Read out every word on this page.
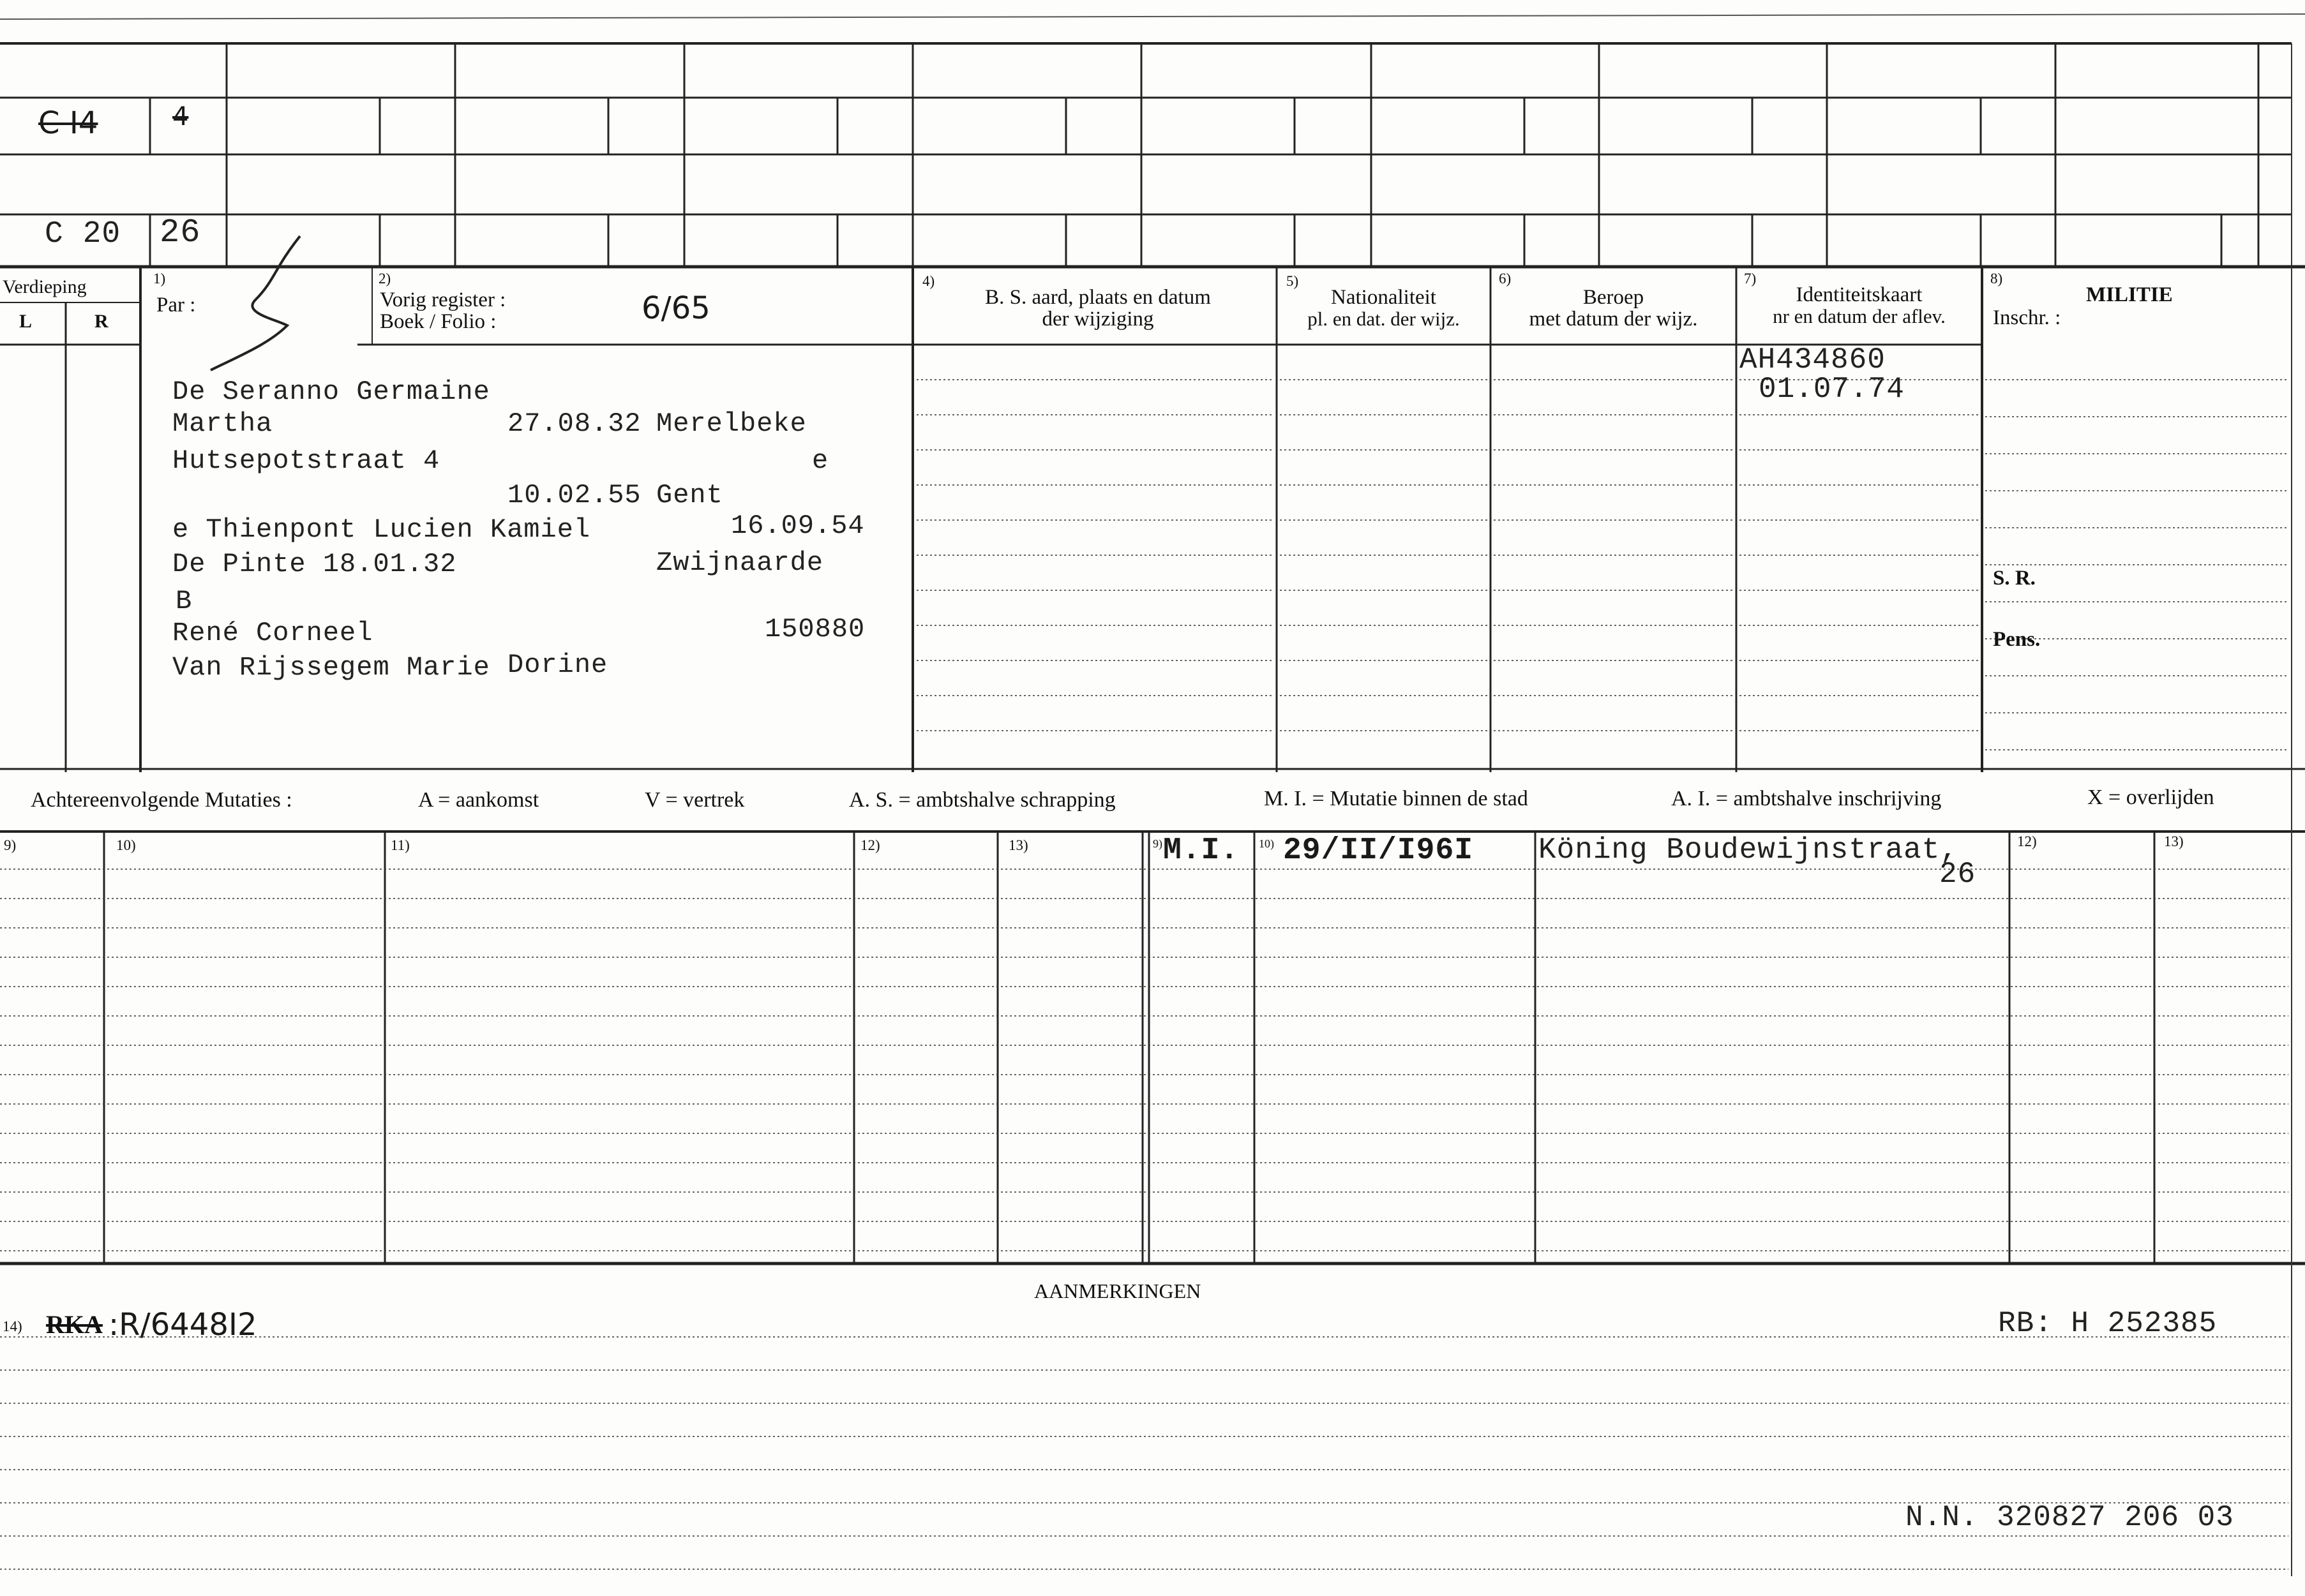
C I4	4
C 20 26
Verdieping
L	R
1)
Par :
2)
Vorig register :
Boek / Folio :	6/65
4)
B. S. aard, plaats en datum
der wijziging
5)
Nationaliteit
pl. en dat. der wijz.
6)
Beroep
met datum der wijz.
7)
Identiteitskaart
nr en datum der aflev.
8)
MILITIE
Inschr. :
S. R.
Pens.
De Seranno Germaine
Martha	27.08.32 Merelbeke
Hutsepotstraat 4	e
10.02.55 Gent
e Thienpont Lucien Kamiel	16.09.54
De Pinte 18.01.32	Zwijnaarde
B
René Corneel	150880
Van Rijssegem Marie Dorine
AH434860
01.07.74
Achtereenvolgende Mutaties :	A = aankomst	V = vertrek	A. S. = ambtshalve schrapping	M. I. = Mutatie binnen de stad	A. I. = ambtshalve inschrijving	X = overlijden
9)	10)	11)	12)	13)	9)	10)	12)	13)
M.I. 29/II/I96I Köning Boudewijnstraat,
26
AANMERKINGEN
14) RKA :R/6448I2	RB: H 252385
N.N. 320827 206 03
